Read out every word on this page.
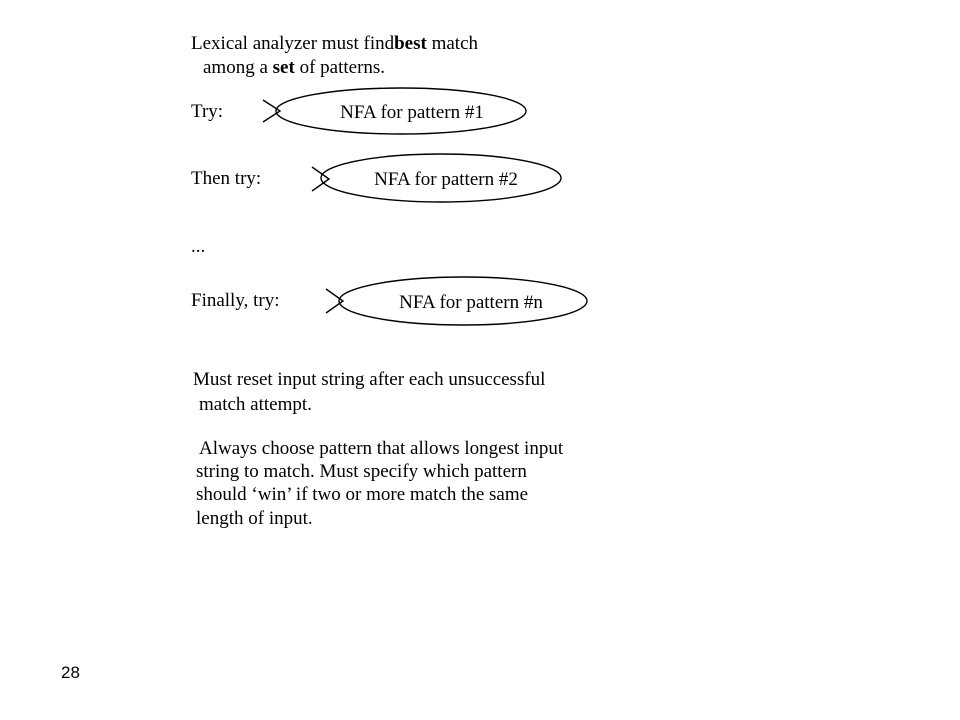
Lexical analyzer must findbest match
among a set of patterns.
Try:
Then try:
...
Finally, try:
NFA for pattern #1
NFA for pattern #2
NFA for pattern #n
Must reset input string after each unsuccessful
match attempt.
Always choose pattern that allows longest input
string to match. Must specify which pattern
should ‘win’ if two or more match the same
length of input.
28
